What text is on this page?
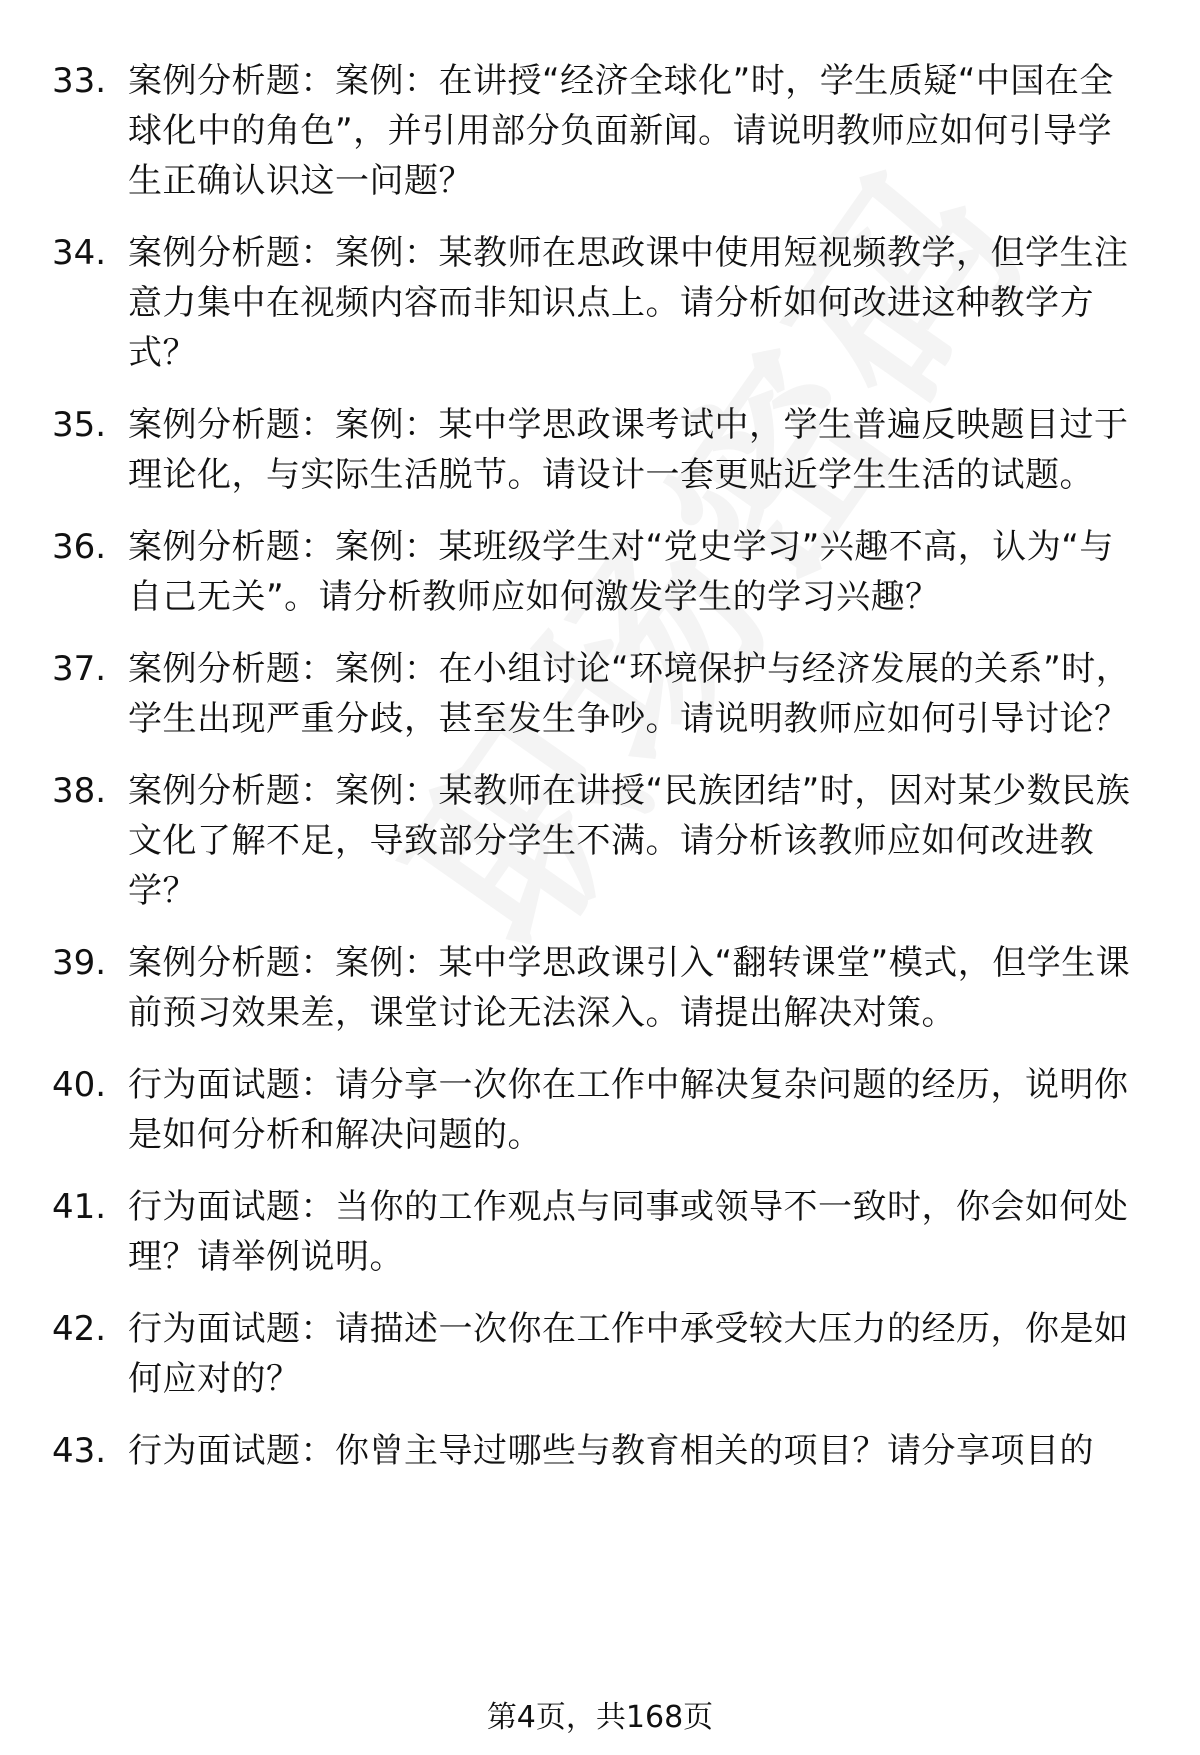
33. 案例分析题：案例：在讲授“经济全球化”时，学生质疑“中国在全球化中的角色”，并引用部分负面新闻。请说明教师应如何引导学生正确认识这一问题？
34. 案例分析题：案例：某教师在思政课中使用短视频教学，但学生注意力集中在视频内容而非知识点上。请分析如何改进这种教学方式？
35. 案例分析题：案例：某中学思政课考试中，学生普遍反映题目过于理论化，与实际生活脱节。请设计一套更贴近学生生活的试题。
36. 案例分析题：案例：某班级学生对“党史学习”兴趣不高，认为“与自己无关”。请分析教师应如何激发学生的学习兴趣？
37. 案例分析题：案例：在小组讨论“环境保护与经济发展的关系”时，学生出现严重分歧，甚至发生争吵。请说明教师应如何引导讨论？
38. 案例分析题：案例：某教师在讲授“民族团结”时，因对某少数民族文化了解不足，导致部分学生不满。请分析该教师应如何改进教学？
39. 案例分析题：案例：某中学思政课引入“翻转课堂”模式，但学生课前预习效果差，课堂讨论无法深入。请提出解决对策。
40. 行为面试题：请分享一次你在工作中解决复杂问题的经历，说明你是如何分析和解决问题的。
41. 行为面试题：当你的工作观点与同事或领导不一致时，你会如何处理？请举例说明。
42. 行为面试题：请描述一次你在工作中承受较大压力的经历，你是如何应对的？
43. 行为面试题：你曾主导过哪些与教育相关的项目？请分享项目的
第4页，共168页
